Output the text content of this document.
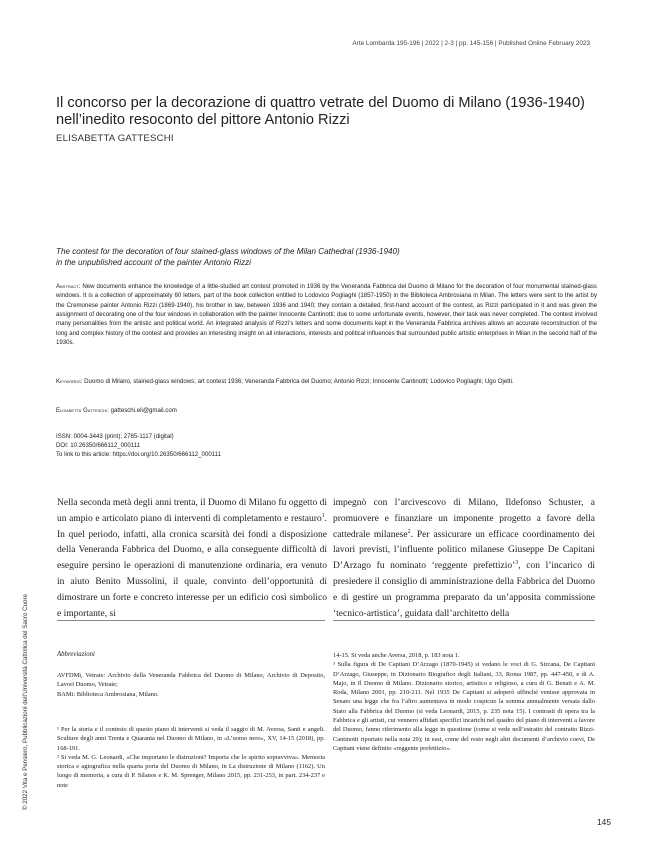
Arte Lombarda 195-196 | 2022 | 2-3 | pp. 145-156 | Published Online February 2023
Il concorso per la decorazione di quattro vetrate del Duomo di Milano (1936-1940)
nell’inedito resoconto del pittore Antonio Rizzi
ELISABETTA GATTESCHI

The contest for the decoration of four stained-glass windows of the Milan Cathedral (1936-1940)
in the unpublished account of the painter Antonio Rizzi

Abstract: New documents enhance the knowledge of a little-studied art contest promoted in 1936 by the Veneranda Fabbrica del Duomo di Milano for the decoration of four monumental stained-glass windows. It is a collection of approximately 60 letters, part of the book collection entitled to Lodovico Pogliaghi (1857-1950) in the Biblioteca Ambrosiana in Milan. The letters were sent to the artist by the Cremonese painter Antonio Rizzi (1869-1940), his brother in law, between 1936 and 1940; they contain a detailed, first-hand account of the contest, as Rizzi participated in it and was given the assignment of decorating one of the four windows in collaboration with the painter Innocente Cantinotti; due to some unfortunate events, however, their task was never completed. The contest involved many personalities from the artistic and political world. An integrated analysis of Rizzi’s letters and some documents kept in the Veneranda Fabbrica archives allows an accurate reconstruction of the long and complex history of the contest and provides an interesting insight on all interactions, interests and political influences that surrounded public artistic enterprises in Milan in the second half of the 1930s.

Keywords: Duomo di Milano, stained-glass windows; art contest 1936; Veneranda Fabbrica del Duomo; Antonio Rizzi; Innocente Cantinotti; Lodovico Pogliaghi; Ugo Ojetti.

Elisabetta Gatteschi: gatteschi.eli@gmail.com
ISSN: 0004-3443 (print); 2785-1117 (digital)
DOI: 10.26350/666112_000111
To link to this article: https://doi.org/10.26350/666112_000111

Nella seconda metà degli anni trenta, il Duomo di Milano fu oggetto di un ampio e articolato piano di interventi di completamento e restauro$^1$. In quel periodo, infatti, alla cronica scarsità dei fondi a disposizione della Veneranda Fabbrica del Duomo, e alla conseguente difficoltà di eseguire persino le operazioni di manutenzione ordinaria, era venuto in aiuto Benito Mussolini, il quale, convinto dell’opportunità di dimostrare un forte e concreto interesse per un edificio così simbolico e importante, si

impegnò con l’arcivescovo di Milano, Ildefonso Schuster, a promuovere e finanziare un imponente progetto a favore della cattedrale milanese$^2$. Per assicurare un efficace coordinamento dei lavori previsti, l’influente politico milanese Giuseppe De Capitani D’Arzago fu nominato ‘reggente prefettizio’$^3$, con l’incarico di presiedere il consiglio di amministrazione della Fabbrica del Duomo e di gestire un programma preparato da un’apposita commissione ‘tecnico-artistica’, guidata dall’architetto della

Abbreviazioni

AVFDMi, Vetrate: Archivio della Veneranda Fabbrica del Duomo di Milano, Archivio di Deposito, Lavori Duomo, Vetrate;

BAMi: Biblioteca Ambrosiana, Milano.

¹ Per la storia e il contesto di questo piano di interventi si veda il saggio di M. Aversa, Santi e angeli. Sculture degli anni Trenta e Quaranta nel Duomo di Milano, in «L’uomo nero», XV, 14-15 (2018), pp. 168-191.

² Si veda M. G. Leonardi, «Che importano le distruzioni? Importa che lo spirito sopravviva». Memoria storica e agiografica nella quarta porta del Duomo di Milano, in La distruzione di Milano (1162). Un luogo di memoria, a cura di P. Silanos e K. M. Sprenger, Milano 2015, pp. 231-253, in part. 234-237 e note

14-15. Si veda anche Aversa, 2018, p. 183 nota 1.

³ Sulla figura di De Capitani D’Arzago (1870-1945) si vedano le voci di G. Sircana, De Capitani D’Arzago, Giuseppe, in Dizionario Biografico degli Italiani, 33, Roma 1987, pp. 447-450, e di A. Majo, in Il Duomo di Milano. Dizionario storico, artistico e religioso, a cura di G. Benati e A. M. Roda, Milano 2001, pp. 210-211. Nel 1935 De Capitani si adoperò affinché venisse approvata in Senato una legge che fra l’altro aumentava in modo cospicuo la somma annualmente versata dallo Stato alla Fabbrica del Duomo (si veda Leonardi, 2015, p. 235 nota 15). I contrasti di opera tra la Fabbrica e gli artisti, cui vennero affidati specifici incarichi nel quadro del piano di interventi a favore del Duomo, fanno riferimento alla legge in questione (come si vede nell’estratto del contratto Rizzi-Cantinotti riportato nella nota 29); in essi, come del resto negli altri documenti d’archivio coevi, De Capitani viene definito «reggente prefettizio».

© 2022 Vita e Pensiero, Pubblicazioni dell’Università Cattolica del Sacro Cuore
145
